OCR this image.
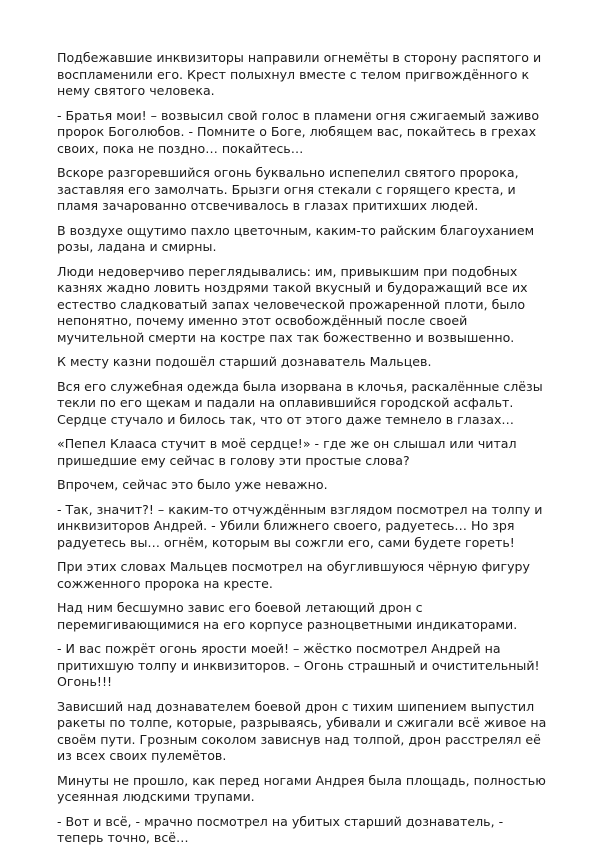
Подбежавшие инквизиторы направили огнемёты в сторону распятого и воспламенили его. Крест полыхнул вместе с телом пригвождённого к нему святого человека.

- Братья мои! – возвысил свой голос в пламени огня сжигаемый заживо пророк Боголюбов. - Помните о Боге, любящем вас, покайтесь в грехах своих, пока не поздно… покайтесь…

Вскоре разгоревшийся огонь буквально испепелил святого пророка, заставляя его замолчать. Брызги огня стекали с горящего креста, и пламя зачарованно отсвечивалось в глазах притихших людей.

В воздухе ощутимо пахло цветочным, каким-то райским благоуханием розы, ладана и смирны.

Люди недоверчиво переглядывались: им, привыкшим при подобных казнях жадно ловить ноздрями такой вкусный и будоражащий все их естество сладковатый запах человеческой прожаренной плоти, было непонятно, почему именно этот освобождённый после своей мучительной смерти на костре пах так божественно и возвышенно.

К месту казни подошёл старший дознаватель Мальцев.

Вся его служебная одежда была изорвана в клочья, раскалённые слёзы текли по его щекам и падали на оплавившийся городской асфальт. Сердце стучало и билось так, что от этого даже темнело в глазах…

«Пепел Клааса стучит в моё сердце!» - где же он слышал или читал пришедшие ему сейчас в голову эти простые слова?

Впрочем, сейчас это было уже неважно.

- Так, значит?! – каким-то отчуждённым взглядом посмотрел на толпу и инквизиторов Андрей. - Убили ближнего своего, радуетесь… Но зря радуетесь вы… огнём, которым вы сожгли его, сами будете гореть!

При этих словах Мальцев посмотрел на обуглившуюся чёрную фигуру сожженного пророка на кресте.

Над ним бесшумно завис его боевой летающий дрон с перемигивающимися на его корпусе разноцветными индикаторами.

- И вас пожрёт огонь ярости моей! – жёстко посмотрел Андрей на притихшую толпу и инквизиторов. – Огонь страшный и очистительный! Огонь!!!

Зависший над дознавателем боевой дрон с тихим шипением выпустил ракеты по толпе, которые, разрываясь, убивали и сжигали всё живое на своём пути. Грозным соколом зависнув над толпой, дрон расстрелял её из всех своих пулемётов.

Минуты не прошло, как перед ногами Андрея была площадь, полностью усеянная людскими трупами.

- Вот и всё, - мрачно посмотрел на убитых старший дознаватель, - теперь точно, всё…
